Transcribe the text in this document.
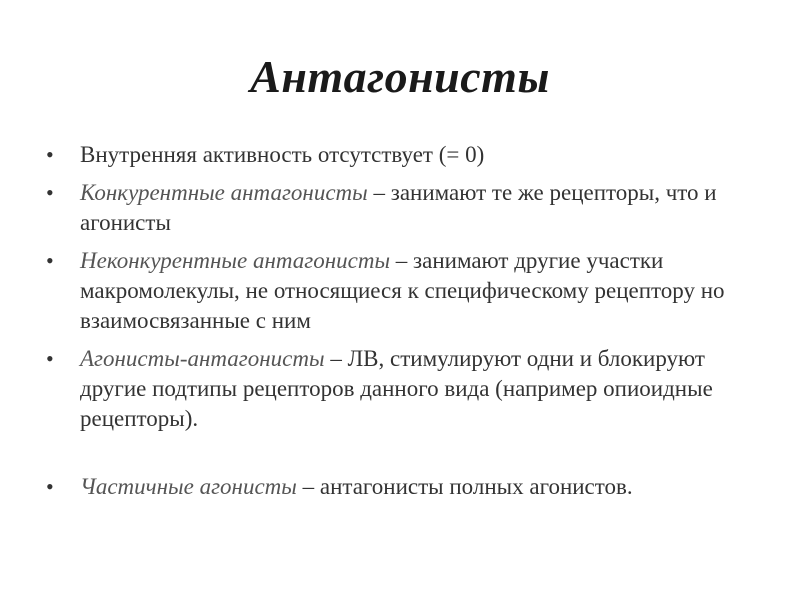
Антагонисты
• Внутренняя активность отсутствует (= 0)
• Конкурентные антагонисты – занимают те же рецепторы, что и агонисты
• Неконкурентные антагонисты – занимают другие участки макромолекулы, не относящиеся к специфическому рецептору но взаимосвязанные с ним
• Агонисты-антагонисты – ЛВ, стимулируют одни и блокируют другие подтипы рецепторов данного вида (например опиоидные рецепторы).
• Частичные агонисты – антагонисты полных агонистов.
